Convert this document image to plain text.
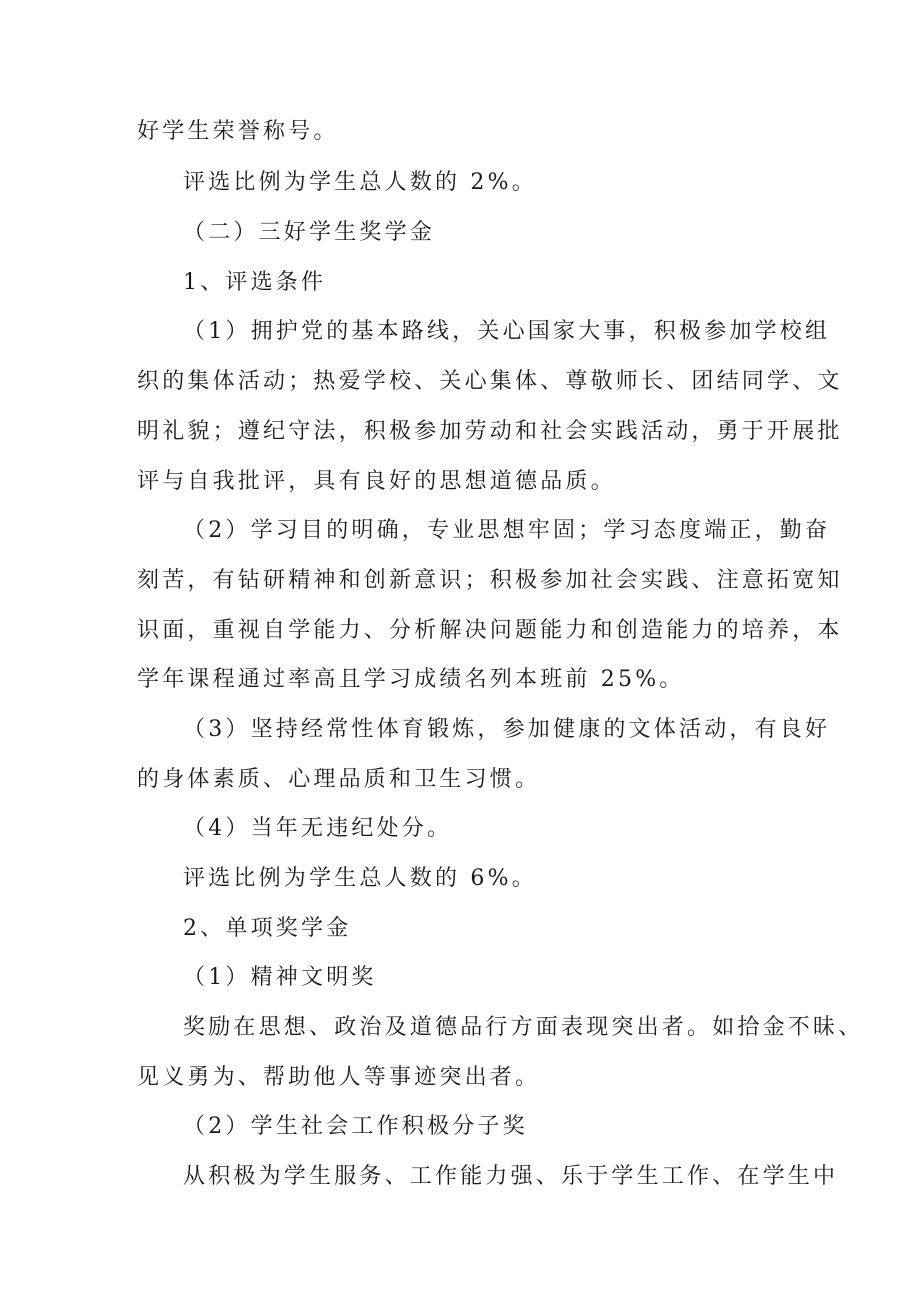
好学生荣誉称号。
评选比例为学生总人数的 2%。
（二）三好学生奖学金
1、评选条件
（1）拥护党的基本路线，关心国家大事，积极参加学校组
织的集体活动；热爱学校、关心集体、尊敬师长、团结同学、文
明礼貌；遵纪守法，积极参加劳动和社会实践活动，勇于开展批
评与自我批评，具有良好的思想道德品质。
（2）学习目的明确，专业思想牢固；学习态度端正，勤奋
刻苦，有钻研精神和创新意识；积极参加社会实践、注意拓宽知
识面，重视自学能力、分析解决问题能力和创造能力的培养，本
学年课程通过率高且学习成绩名列本班前 25%。
（3）坚持经常性体育锻炼，参加健康的文体活动，有良好
的身体素质、心理品质和卫生习惯。
（4）当年无违纪处分。
评选比例为学生总人数的 6%。
2、单项奖学金
（1）精神文明奖
奖励在思想、政治及道德品行方面表现突出者。如拾金不昧、
见义勇为、帮助他人等事迹突出者。
（2）学生社会工作积极分子奖
从积极为学生服务、工作能力强、乐于学生工作、在学生中
